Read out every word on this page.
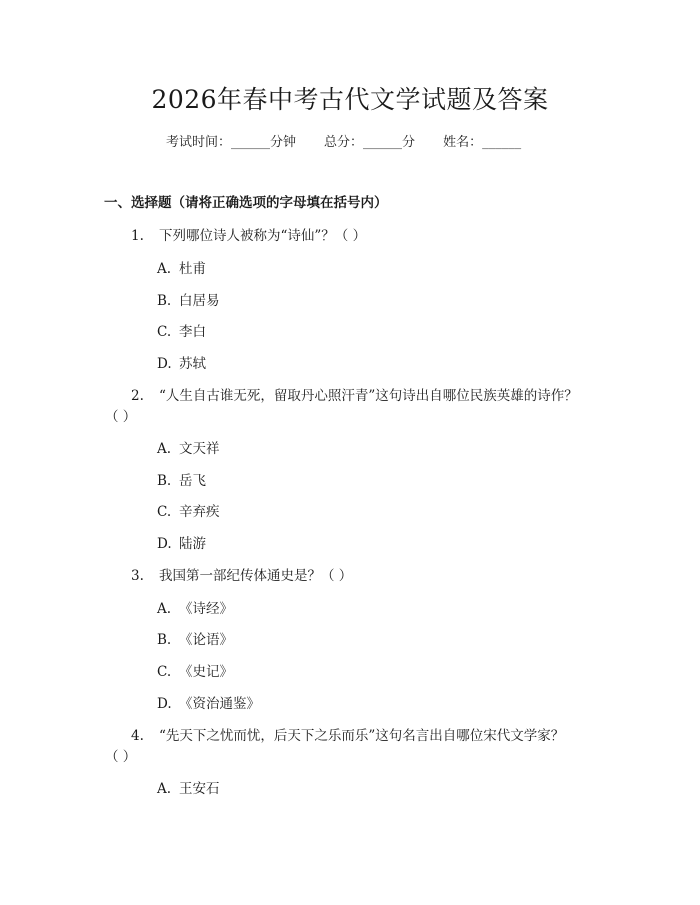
2026年春中考古代文学试题及答案
考试时间：______分钟 总分：______分 姓名：______
一、选择题（请将正确选项的字母填在括号内）
1. 下列哪位诗人被称为“诗仙”？（ ）
A. 杜甫
B. 白居易
C. 李白
D. 苏轼
2. “人生自古谁无死，留取丹心照汗青”这句诗出自哪位民族英雄的诗作？
（ ）
A. 文天祥
B. 岳飞
C. 辛弃疾
D. 陆游
3. 我国第一部纪传体通史是？（ ）
A. 《诗经》
B. 《论语》
C. 《史记》
D. 《资治通鉴》
4. “先天下之忧而忧，后天下之乐而乐”这句名言出自哪位宋代文学家？
（ ）
A. 王安石
